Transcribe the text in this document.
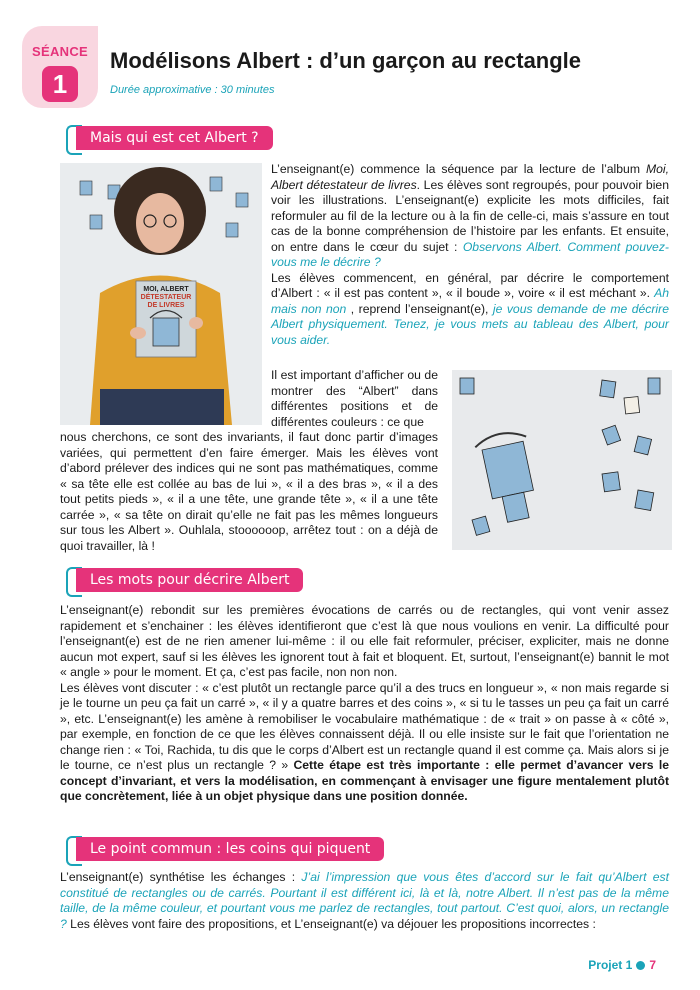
SÉANCE
1
Modélisons Albert : d’un garçon au rectangle
Durée approximative : 30 minutes
Mais qui est cet Albert ?
MOI, ALBERT
DÉTESTATEUR
DE LIVRES

L’enseignant(e) commence la séquence par la lecture de l’album Moi, Albert détestateur de livres. Les élèves sont regroupés, pour pouvoir bien voir les illustrations. L’enseignant(e) explicite les mots difficiles, fait reformuler au fil de la lecture ou à la fin de celle-ci, mais s’assure en tout cas de la bonne compréhension de l’histoire par les enfants. Et ensuite, on entre dans le cœur du sujet : Observons Albert. Comment pouvez-vous me le décrire ?

Les élèves commencent, en général, par décrire le comportement d’Albert : « il est pas content », « il boude », voire « il est méchant ». Ah mais non non , reprend l’enseignant(e), je vous demande de me décrire Albert physiquement. Tenez, je vous mets au tableau des Albert, pour vous aider.

Il est important d’afficher ou de montrer des “Albert” dans différentes positions et de différentes couleurs : ce que

nous cherchons, ce sont des invariants, il faut donc partir d’images variées, qui permettent d’en faire émerger. Mais les élèves vont d’abord prélever des indices qui ne sont pas mathématiques, comme « sa tête elle est collée au bas de lui », « il a des bras », « il a des tout petits pieds », « il a une tête, une grande tête », « il a une tête carrée », « sa tête on dirait qu’elle ne fait pas les mêmes longueurs sur tous les Albert ». Ouhlala, stoooooop, arrêtez tout : on a déjà de quoi travailler, là !

Les mots pour décrire Albert

L’enseignant(e) rebondit sur les premières évocations de carrés ou de rectangles, qui vont venir assez rapidement et s’enchainer : les élèves identifieront que c’est là que nous voulions en venir. La difficulté pour l’enseignant(e) est de ne rien amener lui-même : il ou elle fait reformuler, préciser, expliciter, mais ne donne aucun mot expert, sauf si les élèves les ignorent tout à fait et bloquent. Et, surtout, l’enseignant(e) bannit le mot « angle » pour le moment. Et ça, c’est pas facile, non non non.

Les élèves vont discuter : « c’est plutôt un rectangle parce qu’il a des trucs en longueur », « non mais regarde si je le tourne un peu ça fait un carré », « il y a quatre barres et des coins », « si tu le tasses un peu ça fait un carré », etc. L’enseignant(e) les amène à remobiliser le vocabulaire mathématique : de « trait » on passe à « côté », par exemple, en fonction de ce que les élèves connaissent déjà. Il ou elle insiste sur le fait que l’orientation ne change rien : « Toi, Rachida, tu dis que le corps d’Albert est un rectangle quand il est comme ça. Mais alors si je le tourne, ce n’est plus un rectangle ? » Cette étape est très importante : elle permet d’avancer vers le concept d’invariant, et vers la modélisation, en commençant à envisager une figure mentalement plutôt que concrètement, liée à un objet physique dans une position donnée.

Le point commun : les coins qui piquent

L’enseignant(e) synthétise les échanges : J’ai l’impression que vous êtes d’accord sur le fait qu’Albert est constitué de rectangles ou de carrés. Pourtant il est différent ici, là et là, notre Albert. Il n’est pas de la même taille, de la même couleur, et pourtant vous me parlez de rectangles, tout partout. C’est quoi, alors, un rectangle ? Les élèves vont faire des propositions, et L’enseignant(e) va déjouer les propositions incorrectes :

Projet 1 7
